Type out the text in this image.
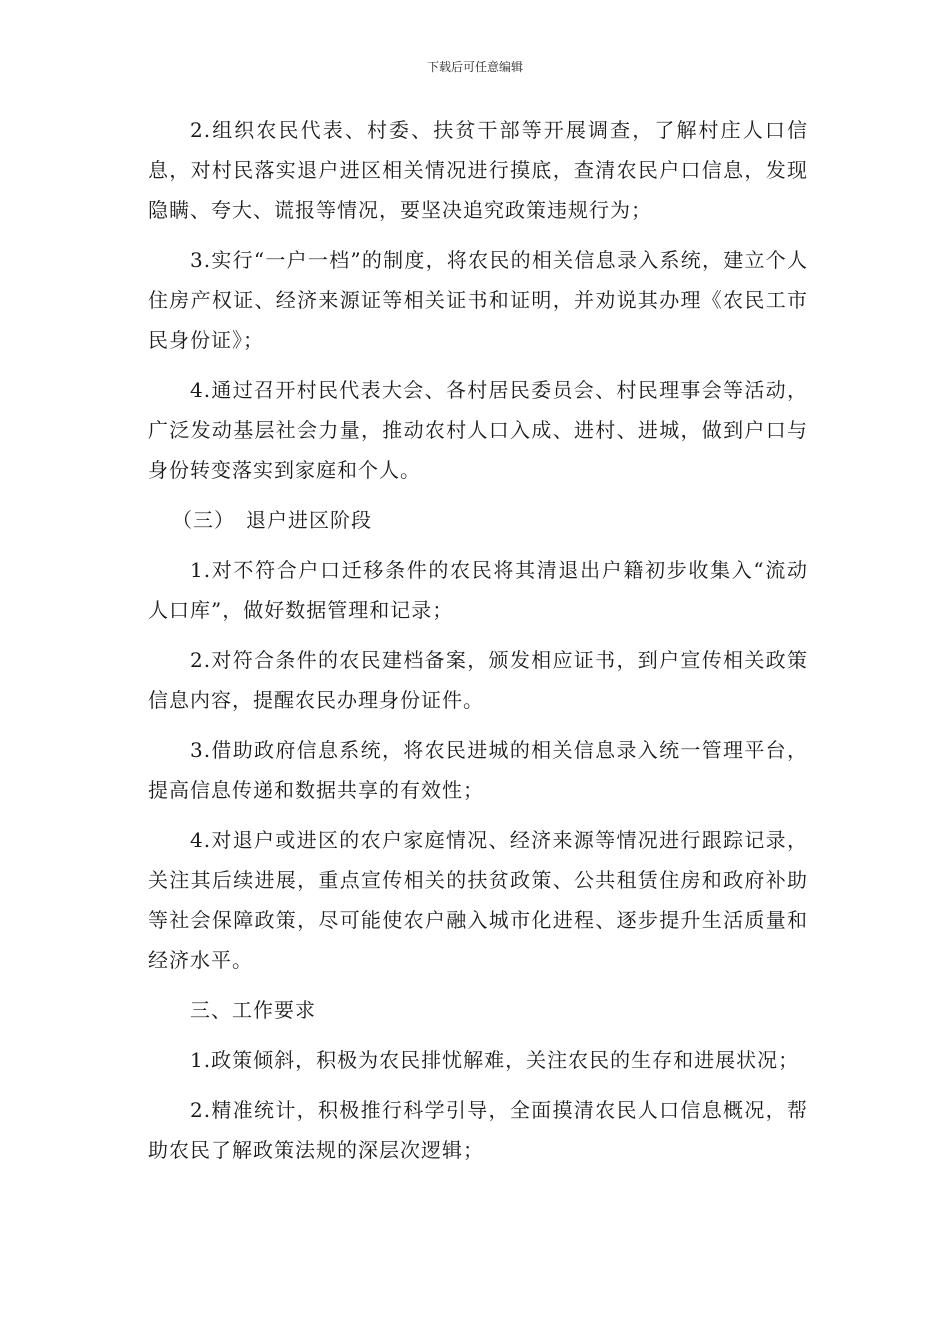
下载后可任意编辑

2.组织农民代表、村委、扶贫干部等开展调查，了解村庄人口信息，对村民落实退户进区相关情况进行摸底，查清农民户口信息，发现隐瞒、夸大、谎报等情况，要坚决追究政策违规行为；

3.实行“一户一档”的制度，将农民的相关信息录入系统，建立个人住房产权证、经济来源证等相关证书和证明，并劝说其办理《农民工市民身份证》；

4.通过召开村民代表大会、各村居民委员会、村民理事会等活动，广泛发动基层社会力量，推动农村人口入成、进村、进城，做到户口与身份转变落实到家庭和个人。

（三）　退户进区阶段

1.对不符合户口迁移条件的农民将其清退出户籍初步收集入“流动人口库”，做好数据管理和记录；

2.对符合条件的农民建档备案，颁发相应证书，到户宣传相关政策信息内容，提醒农民办理身份证件。

3.借助政府信息系统，将农民进城的相关信息录入统一管理平台，提高信息传递和数据共享的有效性；

4.对退户或进区的农户家庭情况、经济来源等情况进行跟踪记录，关注其后续进展，重点宣传相关的扶贫政策、公共租赁住房和政府补助等社会保障政策，尽可能使农户融入城市化进程、逐步提升生活质量和经济水平。

三、工作要求

1.政策倾斜，积极为农民排忧解难，关注农民的生存和进展状况；

2.精准统计，积极推行科学引导，全面摸清农民人口信息概况，帮助农民了解政策法规的深层次逻辑；
